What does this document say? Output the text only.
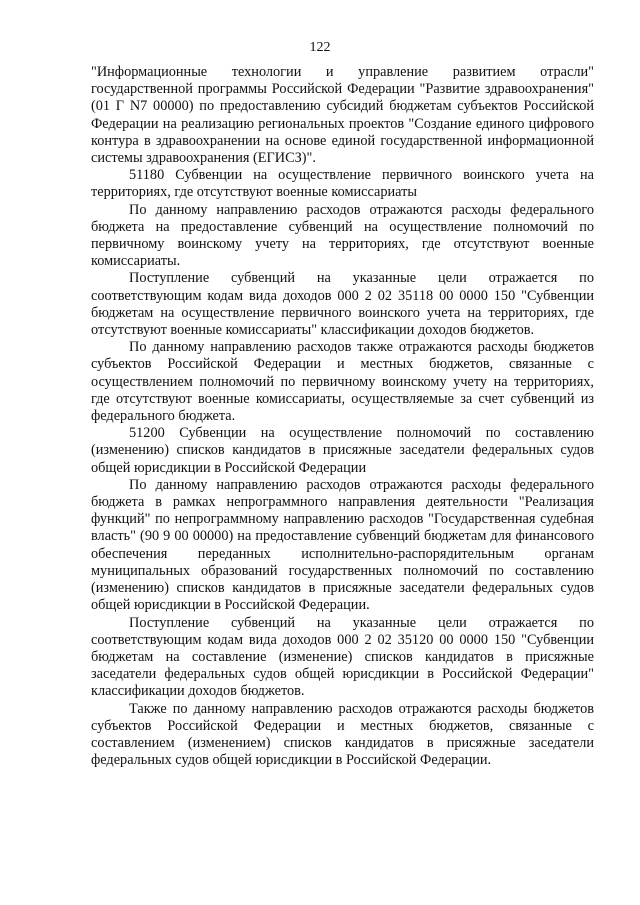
122

"Информационные технологии и управление развитием отрасли" государственной программы Российской Федерации "Развитие здравоохранения" (01 Г N7 00000) по предоставлению субсидий бюджетам субъектов Российской Федерации на реализацию региональных проектов "Создание единого цифрового контура в здравоохранении на основе единой государственной информационной системы здравоохранения (ЕГИСЗ)".

51180 Субвенции на осуществление первичного воинского учета на территориях, где отсутствуют военные комиссариаты

По данному направлению расходов отражаются расходы федерального бюджета на предоставление субвенций на осуществление полномочий по первичному воинскому учету на территориях, где отсутствуют военные комиссариаты.

Поступление субвенций на указанные цели отражается по соответствующим кодам вида доходов 000 2 02 35118 00 0000 150 "Субвенции бюджетам на осуществление первичного воинского учета на территориях, где отсутствуют военные комиссариаты" классификации доходов бюджетов.

По данному направлению расходов также отражаются расходы бюджетов субъектов Российской Федерации и местных бюджетов, связанные с осуществлением полномочий по первичному воинскому учету на территориях, где отсутствуют военные комиссариаты, осуществляемые за счет субвенций из федерального бюджета.

51200 Субвенции на осуществление полномочий по составлению (изменению) списков кандидатов в присяжные заседатели федеральных судов общей юрисдикции в Российской Федерации

По данному направлению расходов отражаются расходы федерального бюджета в рамках непрограммного направления деятельности "Реализация функций" по непрограммному направлению расходов "Государственная судебная власть" (90 9 00 00000) на предоставление субвенций бюджетам для финансового обеспечения переданных исполнительно-распорядительным органам муниципальных образований государственных полномочий по составлению (изменению) списков кандидатов в присяжные заседатели федеральных судов общей юрисдикции в Российской Федерации.

Поступление субвенций на указанные цели отражается по соответствующим кодам вида доходов 000 2 02 35120 00 0000 150 "Субвенции бюджетам на составление (изменение) списков кандидатов в присяжные заседатели федеральных судов общей юрисдикции в Российской Федерации" классификации доходов бюджетов.

Также по данному направлению расходов отражаются расходы бюджетов субъектов Российской Федерации и местных бюджетов, связанные с составлением (изменением) списков кандидатов в присяжные заседатели федеральных судов общей юрисдикции в Российской Федерации.
